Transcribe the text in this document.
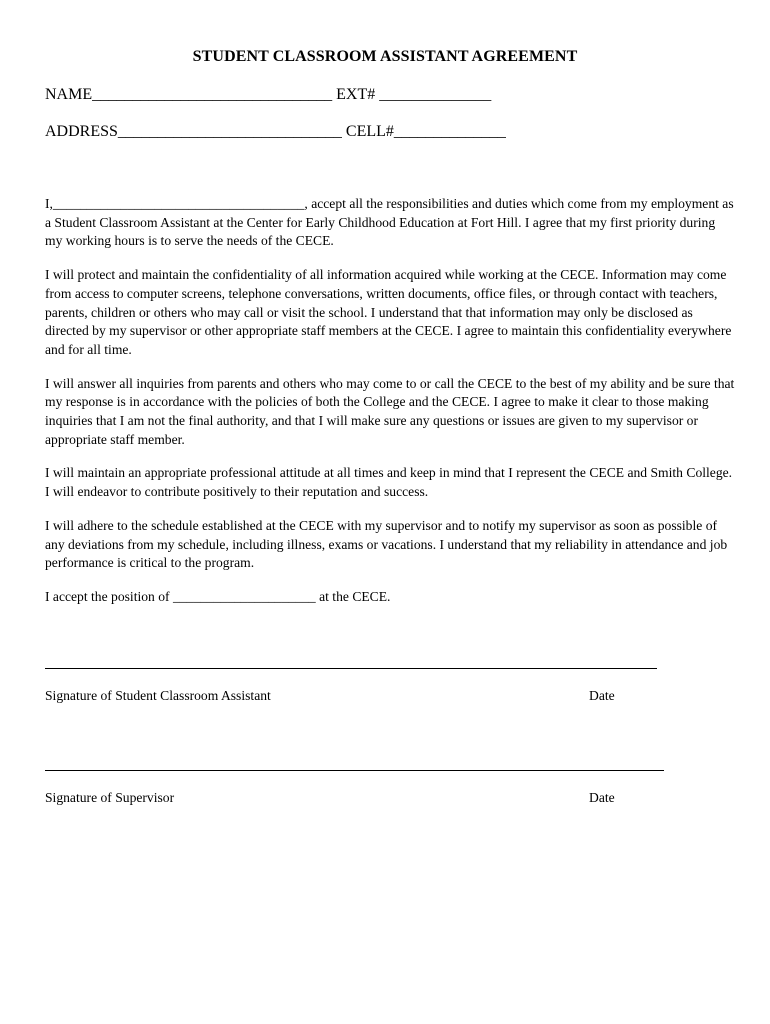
STUDENT CLASSROOM ASSISTANT AGREEMENT
NAME______________________________ EXT# ______________
ADDRESS____________________________ CELL#______________

I,_____________________________________, accept all the responsibilities and duties which come from my employment as a Student Classroom Assistant at the Center for Early Childhood Education at Fort Hill. I agree that my first priority during my working hours is to serve the needs of the CECE.

I will protect and maintain the confidentiality of all information acquired while working at the CECE. Information may come from access to computer screens, telephone conversations, written documents, office files, or through contact with teachers, parents, children or others who may call or visit the school. I understand that that information may only be disclosed as directed by my supervisor or other appropriate staff members at the CECE. I agree to maintain this confidentiality everywhere and for all time.

I will answer all inquiries from parents and others who may come to or call the CECE to the best of my ability and be sure that my response is in accordance with the policies of both the College and the CECE. I agree to make it clear to those making inquiries that I am not the final authority, and that I will make sure any questions or issues are given to my supervisor or appropriate staff member.

I will maintain an appropriate professional attitude at all times and keep in mind that I represent the CECE and Smith College. I will endeavor to contribute positively to their reputation and success.

I will adhere to the schedule established at the CECE with my supervisor and to notify my supervisor as soon as possible of any deviations from my schedule, including illness, exams or vacations. I understand that my reliability in attendance and job performance is critical to the program.

I accept the position of _____________________ at the CECE.

Signature of Student Classroom Assistant	Date
Signature of Supervisor	Date
